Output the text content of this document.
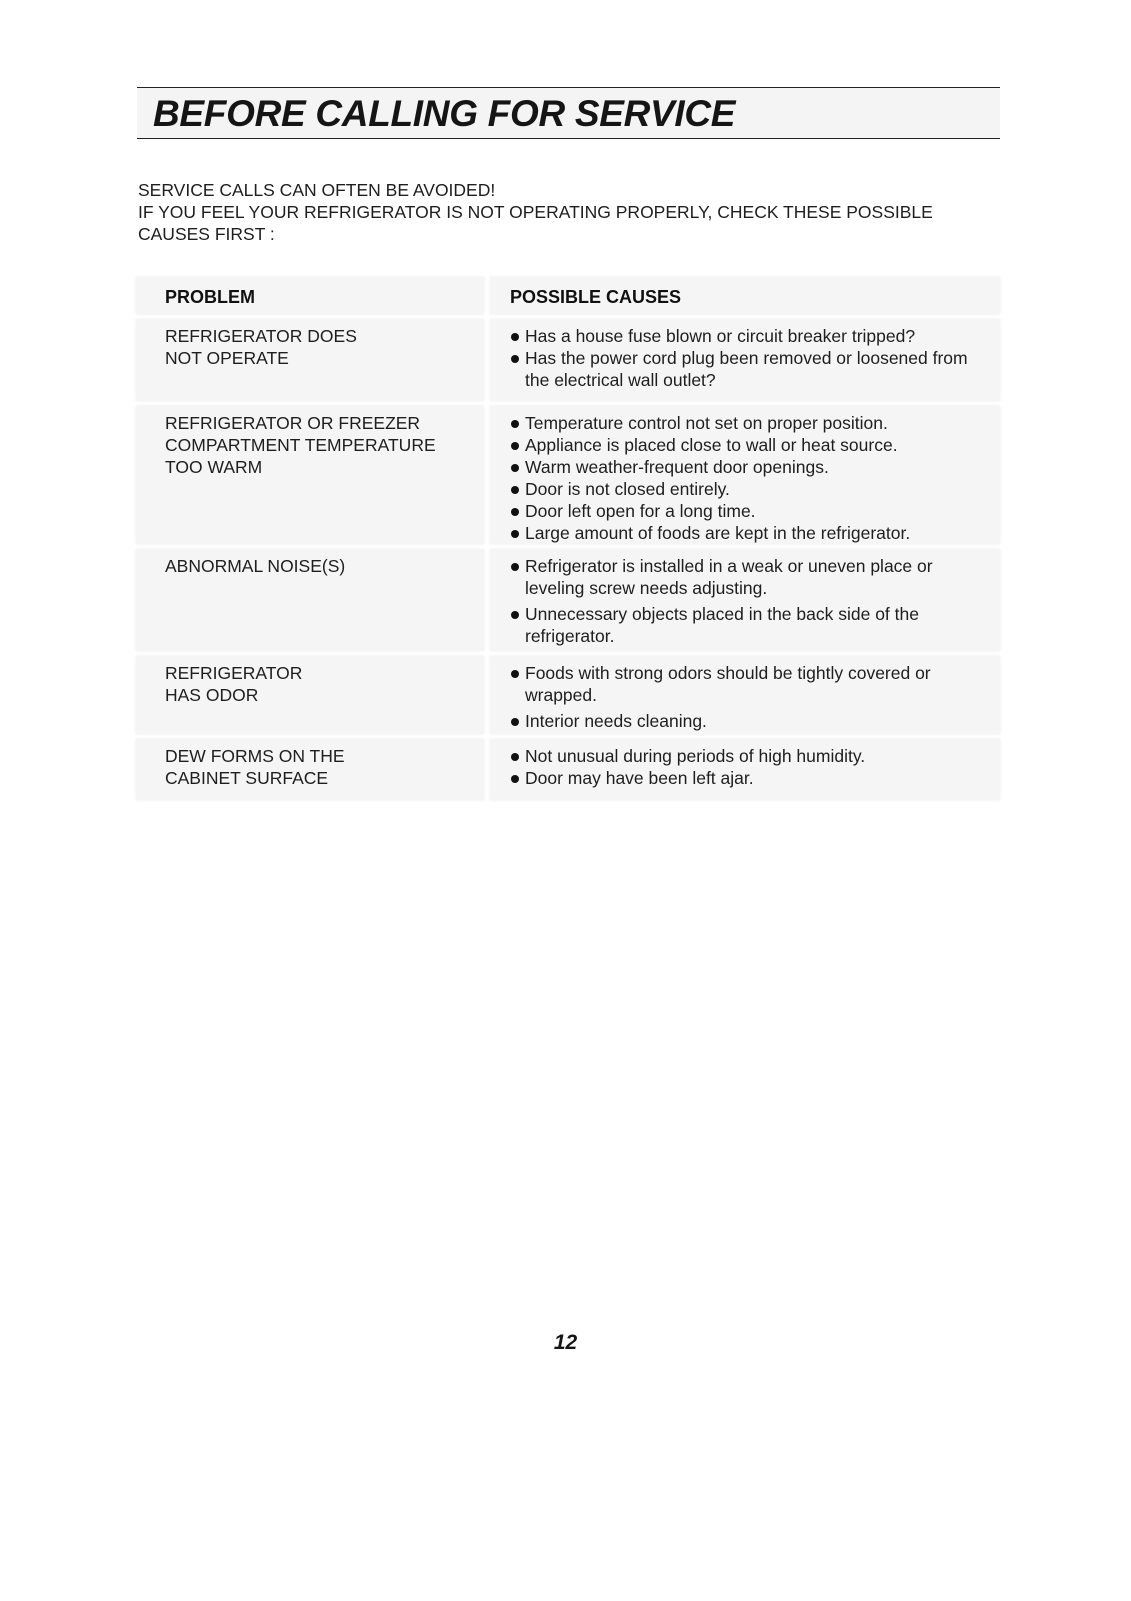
BEFORE CALLING FOR SERVICE
SERVICE CALLS CAN OFTEN BE AVOIDED!
IF YOU FEEL YOUR REFRIGERATOR IS NOT OPERATING PROPERLY, CHECK THESE POSSIBLE CAUSES FIRST :
PROBLEM	POSSIBLE CAUSES
REFRIGERATOR DOES
NOT OPERATE
Has a house fuse blown or circuit breaker tripped?
Has the power cord plug been removed or loosened from the electrical wall outlet?
REFRIGERATOR OR FREEZER
COMPARTMENT TEMPERATURE
TOO WARM
Temperature control not set on proper position.
Appliance is placed close to wall or heat source.
Warm weather-frequent door openings.
Door is not closed entirely.
Door left open for a long time.
Large amount of foods are kept in the refrigerator.
ABNORMAL NOISE(S)	Refrigerator is installed in a weak or uneven place or leveling screw needs adjusting.
Unnecessary objects placed in the back side of the refrigerator.
REFRIGERATOR
HAS ODOR
Foods with strong odors should be tightly covered or wrapped.
Interior needs cleaning.
DEW FORMS ON THE
CABINET SURFACE
Not unusual during periods of high humidity.
Door may have been left ajar.
12
